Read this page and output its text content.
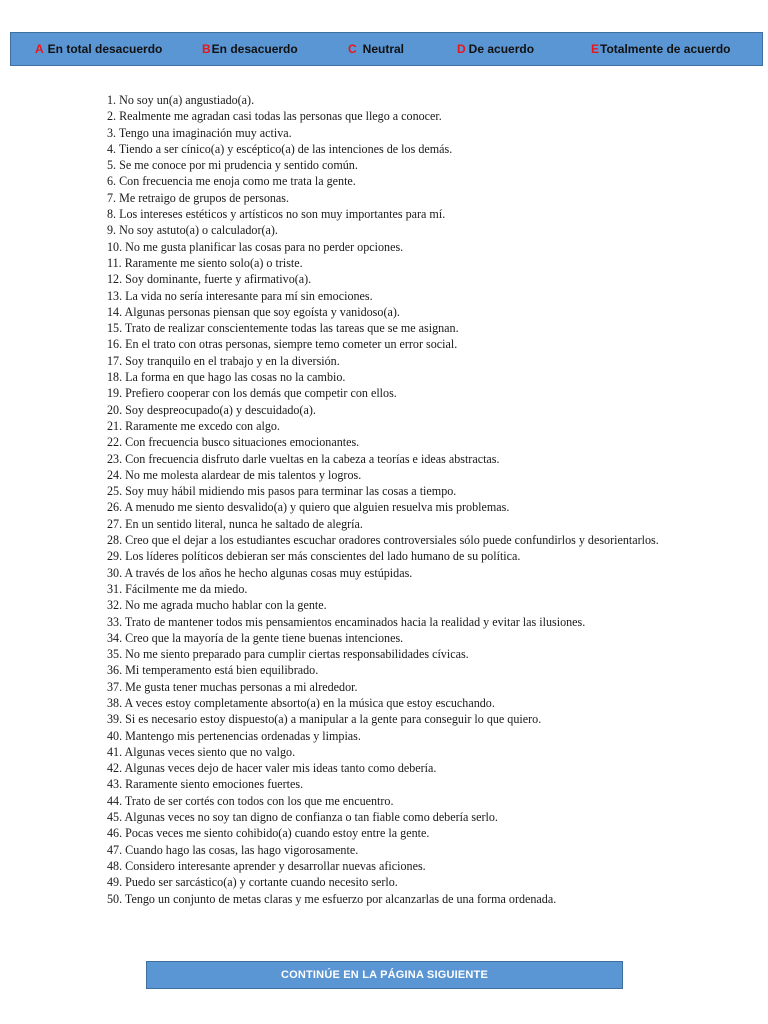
A En total desacuerdo	BEn desacuerdo	C Neutral	D De acuerdo	ETotalmente de acuerdo
1. No soy un(a) angustiado(a).
2. Realmente me agradan casi todas las personas que llego a conocer.
3. Tengo una imaginación muy activa.
4. Tiendo a ser cínico(a) y escéptico(a) de las intenciones de los demás.
5. Se me conoce por mi prudencia y sentido común.
6. Con frecuencia me enoja como me trata la gente.
7. Me retraigo de grupos de personas.
8. Los intereses estéticos y artísticos no son muy importantes para mí.
9. No soy astuto(a) o calculador(a).
10. No me gusta planificar las cosas para no perder opciones.
11. Raramente me siento solo(a) o triste.
12. Soy dominante, fuerte y afirmativo(a).
13. La vida no sería interesante para mí sin emociones.
14. Algunas personas piensan que soy egoísta y vanidoso(a).
15. Trato de realizar conscientemente todas las tareas que se me asignan.
16. En el trato con otras personas, siempre temo cometer un error social.
17. Soy tranquilo en el trabajo y en la diversión.
18. La forma en que hago las cosas no la cambio.
19. Prefiero cooperar con los demás que competir con ellos.
20. Soy despreocupado(a) y descuidado(a).
21. Raramente me excedo con algo.
22. Con frecuencia busco situaciones emocionantes.
23. Con frecuencia disfruto darle vueltas en la cabeza a teorías e ideas abstractas.
24. No me molesta alardear de mis talentos y logros.
25. Soy muy hábil midiendo mis pasos para terminar las cosas a tiempo.
26. A menudo me siento desvalido(a) y quiero que alguien resuelva mis problemas.
27. En un sentido literal, nunca he saltado de alegría.
28. Creo que el dejar a los estudiantes escuchar oradores controversiales sólo puede confundirlos y desorientarlos.
29. Los líderes políticos debieran ser más conscientes del lado humano de su política.
30. A través de los años he hecho algunas cosas muy estúpidas.
31. Fácilmente me da miedo.
32. No me agrada mucho hablar con la gente.
33. Trato de mantener todos mis pensamientos encaminados hacia la realidad y evitar las ilusiones.
34. Creo que la mayoría de la gente tiene buenas intenciones.
35. No me siento preparado para cumplir ciertas responsabilidades cívicas.
36. Mi temperamento está bien equilibrado.
37. Me gusta tener muchas personas a mi alrededor.
38. A veces estoy completamente absorto(a) en la música que estoy escuchando.
39. Si es necesario estoy dispuesto(a) a manipular a la gente para conseguir lo que quiero.
40. Mantengo mis pertenencias ordenadas y limpias.
41. Algunas veces siento que no valgo.
42. Algunas veces dejo de hacer valer mis ideas tanto como debería.
43. Raramente siento emociones fuertes.
44. Trato de ser cortés con todos con los que me encuentro.
45. Algunas veces no soy tan digno de confianza o tan fiable como debería serlo.
46. Pocas veces me siento cohibido(a) cuando estoy entre la gente.
47. Cuando hago las cosas, las hago vigorosamente.
48. Considero interesante aprender y desarrollar nuevas aficiones.
49. Puedo ser sarcástico(a) y cortante cuando necesito serlo.
50. Tengo un conjunto de metas claras y me esfuerzo por alcanzarlas de una forma ordenada.
CONTINÚE EN LA PÁGINA SIGUIENTE
